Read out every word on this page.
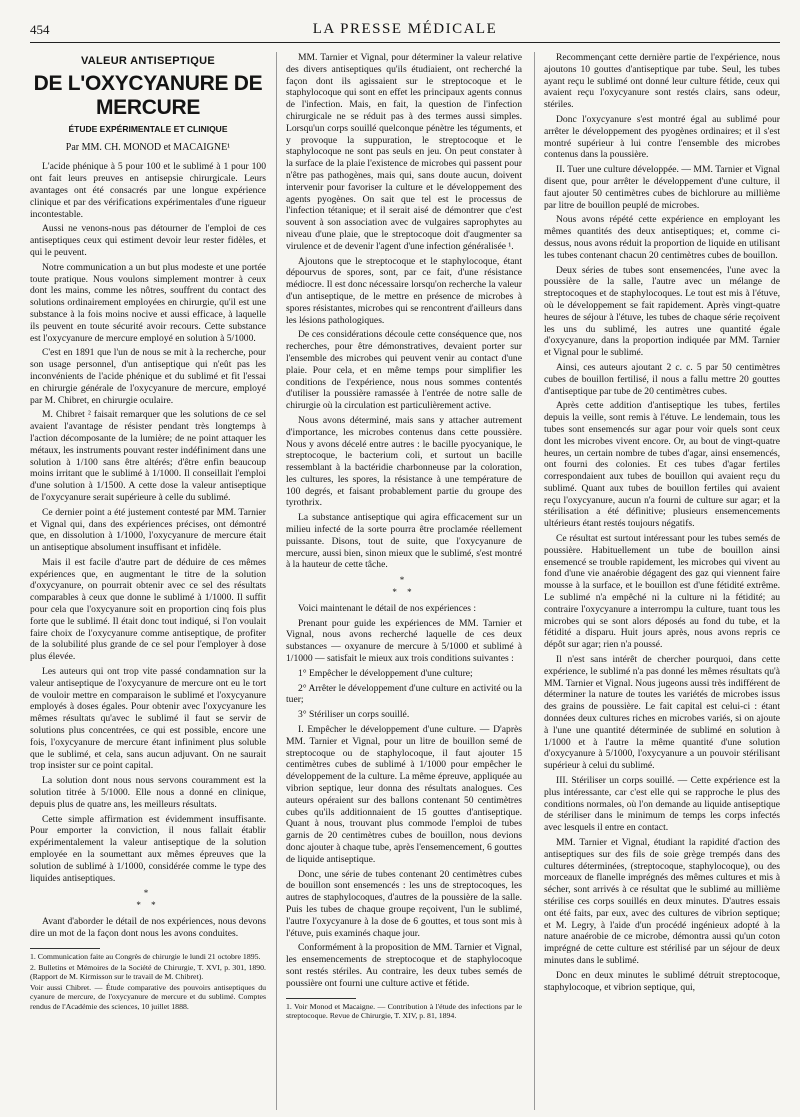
454	LA PRESSE MÉDICALE
VALEUR ANTISEPTIQUE
DE L'OXYCYANURE DE MERCURE
ÉTUDE EXPÉRIMENTALE ET CLINIQUE
Par MM. CH. MONOD et MACAIGNE¹

L'acide phénique à 5 pour 100 et le sublimé à 1 pour 100 ont fait leurs preuves en antisepsie chirurgicale. Leurs avantages ont été consacrés par une longue expérience clinique et par des vérifications expérimentales d'une rigueur incontestable.

Aussi ne venons-nous pas détourner de l'emploi de ces antiseptiques ceux qui estiment devoir leur rester fidèles, et qui le peuvent.

Notre communication a un but plus modeste et une portée toute pratique. Nous voulons simplement montrer à ceux dont les mains, comme les nôtres, souffrent du contact des solutions ordinairement employées en chirurgie, qu'il est une substance à la fois moins nocive et aussi efficace, à laquelle ils peuvent en toute sécurité avoir recours. Cette substance est l'oxycyanure de mercure employé en solution à 5/1000.

C'est en 1891 que l'un de nous se mit à la recherche, pour son usage personnel, d'un antiseptique qui n'eût pas les inconvénients de l'acide phénique et du sublimé et fit l'essai en chirurgie générale de l'oxycyanure de mercure, employé par M. Chibret, en chirurgie oculaire.

M. Chibret ² faisait remarquer que les solutions de ce sel avaient l'avantage de résister pendant très longtemps à l'action décomposante de la lumière; de ne point attaquer les métaux, les instruments pouvant rester indéfiniment dans une solution à 1/100 sans être altérés; d'être enfin beaucoup moins irritant que le sublimé à 1/1000. Il conseillait l'emploi d'une solution à 1/1500. A cette dose la valeur antiseptique de l'oxycyanure serait supérieure à celle du sublimé.

Ce dernier point a été justement contesté par MM. Tarnier et Vignal qui, dans des expériences précises, ont démontré que, en dissolution à 1/1000, l'oxycyanure de mercure était un antiseptique absolument insuffisant et infidèle.

Mais il est facile d'autre part de déduire de ces mêmes expériences que, en augmentant le titre de la solution d'oxycyanure, on pourrait obtenir avec ce sel des résultats comparables à ceux que donne le sublimé à 1/1000. Il suffit pour cela que l'oxycyanure soit en proportion cinq fois plus forte que le sublimé. Il était donc tout indiqué, si l'on voulait faire choix de l'oxycyanure comme antiseptique, de profiter de la solubilité plus grande de ce sel pour l'employer à dose plus élevée.

Les auteurs qui ont trop vite passé condamnation sur la valeur antiseptique de l'oxycyanure de mercure ont eu le tort de vouloir mettre en comparaison le sublimé et l'oxycyanure employés à doses égales. Pour obtenir avec l'oxycyanure les mêmes résultats qu'avec le sublimé il faut se servir de solutions plus concentrées, ce qui est possible, encore une fois, l'oxycyanure de mercure étant infiniment plus soluble que le sublimé, et cela, sans aucun adjuvant. On ne saurait trop insister sur ce point capital.

La solution dont nous nous servons couramment est la solution titrée à 5/1000. Elle nous a donné en clinique, depuis plus de quatre ans, les meilleurs résultats.

Cette simple affirmation est évidemment insuffisante. Pour emporter la conviction, il nous fallait établir expérimentalement la valeur antiseptique de la solution employée en la soumettant aux mêmes épreuves que la solution de sublimé à 1/1000, considérée comme le type des liquides antiseptiques.

*
* *

Avant d'aborder le détail de nos expériences, nous devons dire un mot de la façon dont nous les avons conduites.

1. Communication faite au Congrès de chirurgie le lundi 21 octobre 1895.
2. Bulletins et Mémoires de la Société de Chirurgie, T. XVI, p. 301, 1890. (Rapport de M. Kirmisson sur le travail de M. Chibret).
Voir aussi Chibret. — Étude comparative des pouvoirs antiseptiques du cyanure de mercure, de l'oxycyanure de mercure et du sublimé. Comptes rendus de l'Académie des sciences, 10 juillet 1888.

MM. Tarnier et Vignal, pour déterminer la valeur relative des divers antiseptiques qu'ils étudiaient, ont recherché la façon dont ils agissaient sur le streptocoque et le staphylocoque qui sont en effet les principaux agents connus de l'infection. Mais, en fait, la question de l'infection chirurgicale ne se réduit pas à des termes aussi simples. Lorsqu'un corps souillé quelconque pénètre les téguments, et y provoque la suppuration, le streptocoque et le staphylocoque ne sont pas seuls en jeu. On peut constater à la surface de la plaie l'existence de microbes qui passent pour n'être pas pathogènes, mais qui, sans doute aucun, doivent intervenir pour favoriser la culture et le développement des agents pyogènes. On sait que tel est le processus de l'infection tétanique; et il serait aisé de démontrer que c'est souvent à son association avec de vulgaires saprophytes au niveau d'une plaie, que le streptocoque doit d'augmenter sa virulence et de devenir l'agent d'une infection généralisée ¹.

Ajoutons que le streptocoque et le staphylocoque, étant dépourvus de spores, sont, par ce fait, d'une résistance médiocre. Il est donc nécessaire lorsqu'on recherche la valeur d'un antiseptique, de le mettre en présence de microbes à spores résistantes, microbes qui se rencontrent d'ailleurs dans les lésions pathologiques.

De ces considérations découle cette conséquence que, nos recherches, pour être démonstratives, devaient porter sur l'ensemble des microbes qui peuvent venir au contact d'une plaie. Pour cela, et en même temps pour simplifier les conditions de l'expérience, nous nous sommes contentés d'utiliser la poussière ramassée à l'entrée de notre salle de chirurgie où la circulation est particulièrement active.

Nous avons déterminé, mais sans y attacher autrement d'importance, les microbes contenus dans cette poussière. Nous y avons décelé entre autres : le bacille pyocyanique, le streptocoque, le bacterium coli, et surtout un bacille ressemblant à la bactéridie charbonneuse par la coloration, les cultures, les spores, la résistance à une température de 100 degrés, et faisant probablement partie du groupe des tyrothrix.

La substance antiseptique qui agira efficacement sur un milieu infecté de la sorte pourra être proclamée réellement puissante. Disons, tout de suite, que l'oxycyanure de mercure, aussi bien, sinon mieux que le sublimé, s'est montré à la hauteur de cette tâche.

*
* *

Voici maintenant le détail de nos expériences :

Prenant pour guide les expériences de MM. Tarnier et Vignal, nous avons recherché laquelle de ces deux substances — oxyanure de mercure à 5/1000 et sublimé à 1/1000 — satisfait le mieux aux trois conditions suivantes :

1° Empêcher le développement d'une culture;

2° Arrêter le développement d'une culture en activité ou la tuer;

3° Stériliser un corps souillé.

I. Empêcher le développement d'une culture. — D'après MM. Tarnier et Vignal, pour un litre de bouillon semé de streptocoque ou de staphylocoque, il faut ajouter 15 centimètres cubes de sublimé à 1/1000 pour empêcher le développement de la culture. La même épreuve, appliquée au vibrion septique, leur donna des résultats analogues. Ces auteurs opéraient sur des ballons contenant 50 centimètres cubes qu'ils additionnaient de 15 gouttes d'antiseptique. Quant à nous, trouvant plus commode l'emploi de tubes garnis de 20 centimètres cubes de bouillon, nous devions donc ajouter à chaque tube, après l'ensemencement, 6 gouttes de liquide antiseptique.

Donc, une série de tubes contenant 20 centimètres cubes de bouillon sont ensemencés : les uns de streptocoques, les autres de staphylocoques, d'autres de la poussière de la salle. Puis les tubes de chaque groupe reçoivent, l'un le sublimé, l'autre l'oxycyanure à la dose de 6 gouttes, et tous sont mis à l'étuve, puis examinés chaque jour.

Conformément à la proposition de MM. Tarnier et Vignal, les ensemencements de streptocoque et de staphylocoque sont restés stériles. Au contraire, les deux tubes semés de poussière ont fourni une culture active et fétide.

1. Voir Monod et Macaigne. — Contribution à l'étude des infections par le streptocoque. Revue de Chirurgie, T. XIV, p. 81, 1894.

Recommençant cette dernière partie de l'expérience, nous ajoutons 10 gouttes d'antiseptique par tube. Seul, les tubes ayant reçu le sublimé ont donné leur culture fétide, ceux qui avaient reçu l'oxycyanure sont restés clairs, sans odeur, stériles.

Donc l'oxycyanure s'est montré égal au sublimé pour arrêter le développement des pyogènes ordinaires; et il s'est montré supérieur à lui contre l'ensemble des microbes contenus dans la poussière.

II. Tuer une culture développée. — MM. Tarnier et Vignal disent que, pour arrêter le développement d'une culture, il faut ajouter 50 centimètres cubes de bichlorure au millième par litre de bouillon peuplé de microbes.

Nous avons répété cette expérience en employant les mêmes quantités des deux antiseptiques; et, comme ci-dessus, nous avons réduit la proportion de liquide en utilisant les tubes contenant chacun 20 centimètres cubes de bouillon.

Deux séries de tubes sont ensemencées, l'une avec la poussière de la salle, l'autre avec un mélange de streptocoques et de staphylocoques. Le tout est mis à l'étuve, où le développement se fait rapidement. Après vingt-quatre heures de séjour à l'étuve, les tubes de chaque série reçoivent les uns du sublimé, les autres une quantité égale d'oxycyanure, dans la proportion indiquée par MM. Tarnier et Vignal pour le sublimé.

Ainsi, ces auteurs ajoutant 2 c. c. 5 par 50 centimètres cubes de bouillon fertilisé, il nous a fallu mettre 20 gouttes d'antiseptique par tube de 20 centimètres cubes.

Après cette addition d'antiseptique les tubes, fertiles depuis la veille, sont remis à l'étuve. Le lendemain, tous les tubes sont ensemencés sur agar pour voir quels sont ceux dont les microbes vivent encore. Or, au bout de vingt-quatre heures, un certain nombre de tubes d'agar, ainsi ensemencés, ont fourni des colonies. Et ces tubes d'agar fertiles correspondaient aux tubes de bouillon qui avaient reçu du sublimé. Quant aux tubes de bouillon fertiles qui avaient reçu l'oxycyanure, aucun n'a fourni de culture sur agar; et la stérilisation a été définitive; plusieurs ensemencements ultérieurs étant restés toujours négatifs.

Ce résultat est surtout intéressant pour les tubes semés de poussière. Habituellement un tube de bouillon ainsi ensemencé se trouble rapidement, les microbes qui vivent au fond d'une vie anaérobie dégagent des gaz qui viennent faire mousse à la surface, et le bouillon est d'une fétidité extrême. Le sublimé n'a empêché ni la culture ni la fétidité; au contraire l'oxycyanure a interrompu la culture, tuant tous les microbes qui se sont alors déposés au fond du tube, et la fétidité a disparu. Huit jours après, nous avons repris ce dépôt sur agar; rien n'a poussé.

Il n'est sans intérêt de chercher pourquoi, dans cette expérience, le sublimé n'a pas donné les mêmes résultats qu'à MM. Tarnier et Vignal. Nous jugeons aussi très indifférent de déterminer la nature de toutes les variétés de microbes issus des grains de poussière. Le fait capital est celui-ci : étant données deux cultures riches en microbes variés, si on ajoute à l'une une quantité déterminée de sublimé en solution à 1/1000 et à l'autre la même quantité d'une solution d'oxycyanure à 5/1000, l'oxycyanure a un pouvoir stérilisant supérieur à celui du sublimé.

III. Stériliser un corps souillé. — Cette expérience est la plus intéressante, car c'est elle qui se rapproche le plus des conditions normales, où l'on demande au liquide antiseptique de stériliser dans le minimum de temps les corps infectés avec lesquels il entre en contact.

MM. Tarnier et Vignal, étudiant la rapidité d'action des antiseptiques sur des fils de soie grège trempés dans des cultures déterminées, (streptocoque, staphylocoque), ou des morceaux de flanelle imprégnés des mêmes cultures et mis à sécher, sont arrivés à ce résultat que le sublimé au millième stérilise ces corps souillés en deux minutes. D'autres essais ont été faits, par eux, avec des cultures de vibrion septique; et M. Legry, à l'aide d'un procédé ingénieux adopté à la nature anaérobie de ce microbe, démontra aussi qu'un coton imprégné de cette culture est stérilisé par un séjour de deux minutes dans le sublimé.

Donc en deux minutes le sublimé détruit streptocoque, staphylocoque, et vibrion septique, qui,
